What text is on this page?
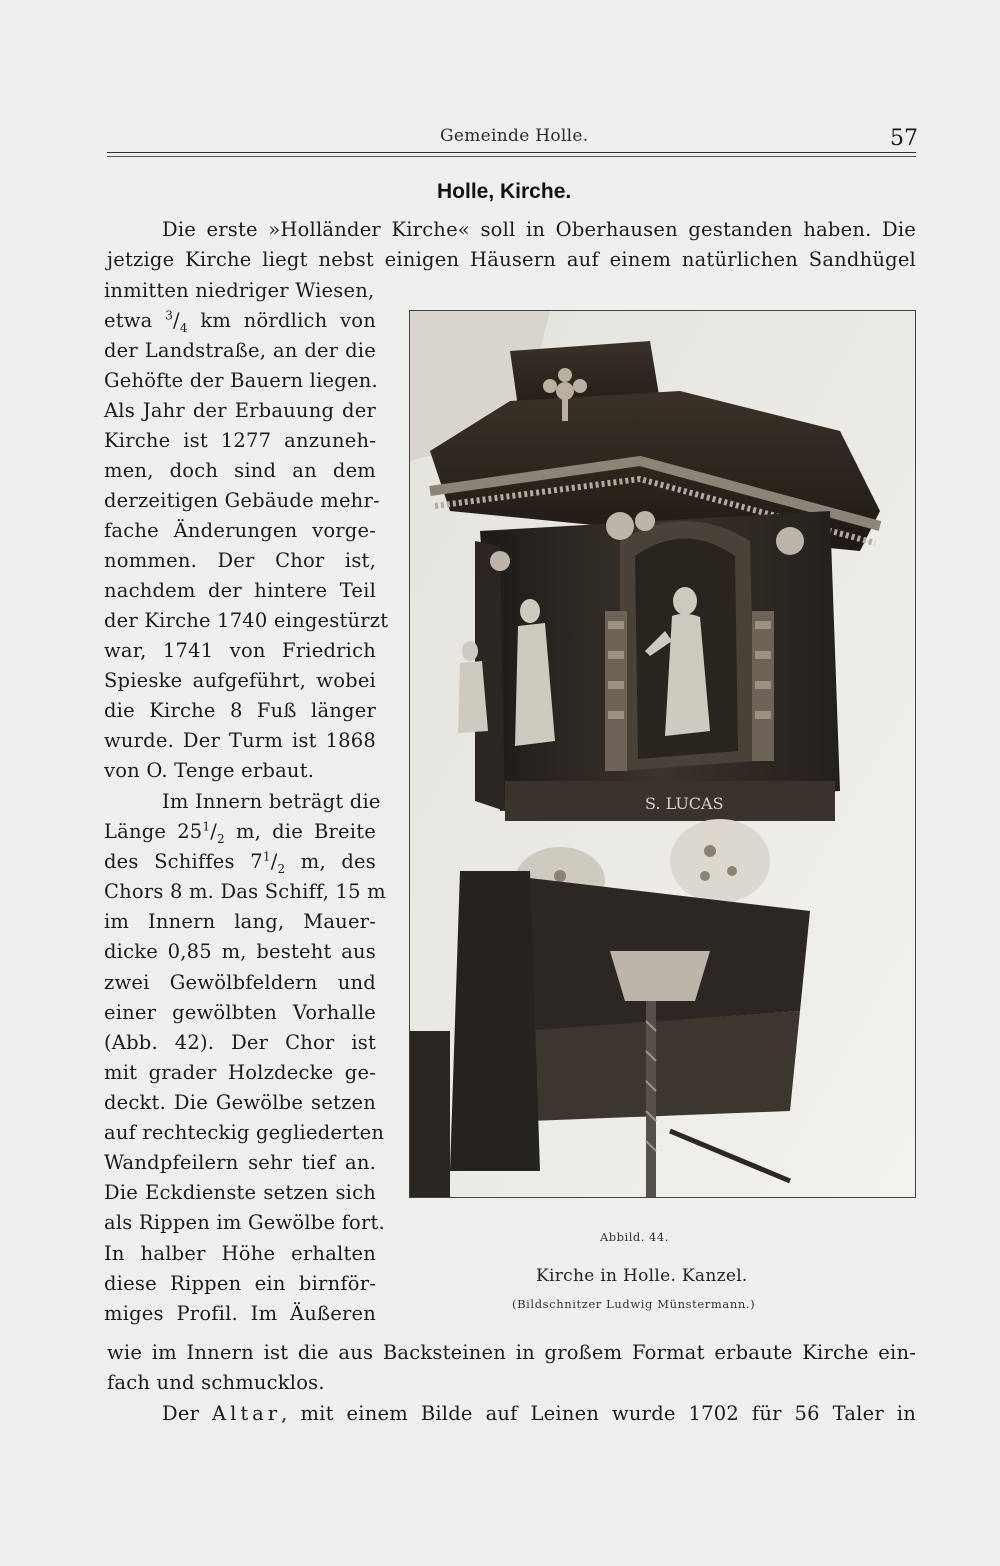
Gemeinde Holle.	57
Holle, Kirche.
Die erste »Holländer Kirche« soll in Oberhausen gestanden haben. Die
jetzige Kirche liegt nebst einigen Häusern auf einem natürlichen Sandhügel
inmitten niedriger Wiesen,
etwa $^3/_4$ km nördlich von
der Landstraße, an der die
Gehöfte der Bauern liegen.
Als Jahr der Erbauung der
Kirche ist 1277 anzuneh-
men, doch sind an dem
derzeitigen Gebäude mehr-
fache Änderungen vorge-
nommen. Der Chor ist,
nachdem der hintere Teil
der Kirche 1740 eingestürzt
war, 1741 von Friedrich
Spieske aufgeführt, wobei
die Kirche 8 Fuß länger
wurde. Der Turm ist 1868
von O. Tenge erbaut.
Im Innern beträgt die
Länge $25^1/_2$ m, die Breite
des Schiffes $7^1/_2$ m, des
Chors 8 m. Das Schiff, 15 m
im Innern lang, Mauer-
dicke 0,85 m, besteht aus
zwei Gewölbfeldern und
einer gewölbten Vorhalle
(Abb. 42). Der Chor ist
mit grader Holzdecke ge-
deckt. Die Gewölbe setzen
auf rechteckig gegliederten
Wandpfeilern sehr tief an.
Die Eckdienste setzen sich
als Rippen im Gewölbe fort.
In halber Höhe erhalten
diese Rippen ein birnför-
miges Profil. Im Äußeren
wie im Innern ist die aus Backsteinen in großem Format erbaute Kirche ein-
fach und schmucklos.
Der Altar, mit einem Bilde auf Leinen wurde 1702 für 56 Taler in
S. LUCAS
Abbild. 44.
Kirche in Holle. Kanzel.
(Bildschnitzer Ludwig Münstermann.)
